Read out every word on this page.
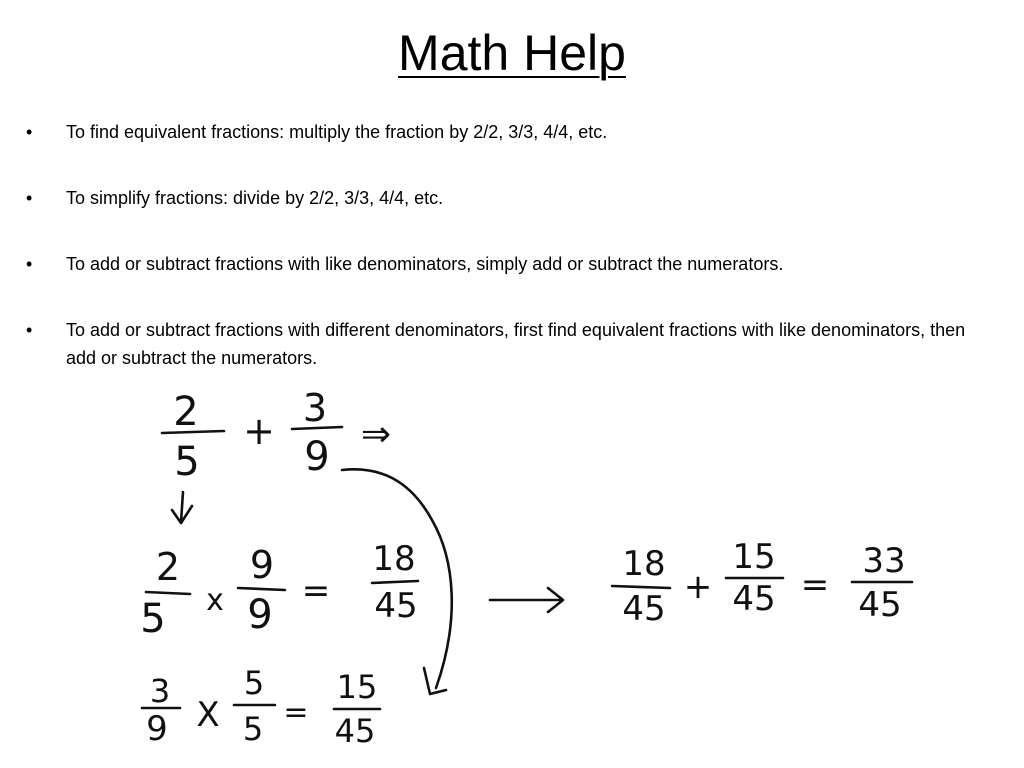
Math Help
• To find equivalent fractions: multiply the fraction by 2/2, 3/3, 4/4, etc.
• To simplify fractions: divide by 2/2, 3/3, 4/4, etc.
• To add or subtract fractions with like denominators, simply add or subtract the numerators.
• To add or subtract fractions with different denominators, first find equivalent fractions with like denominators, then add or subtract the numerators.
2
5
+
3
9 ⇒
2
5 x
9
9
=
18
45
18
45
+
15
45 =
33
45
3
9 X
5
5 =
15
45
